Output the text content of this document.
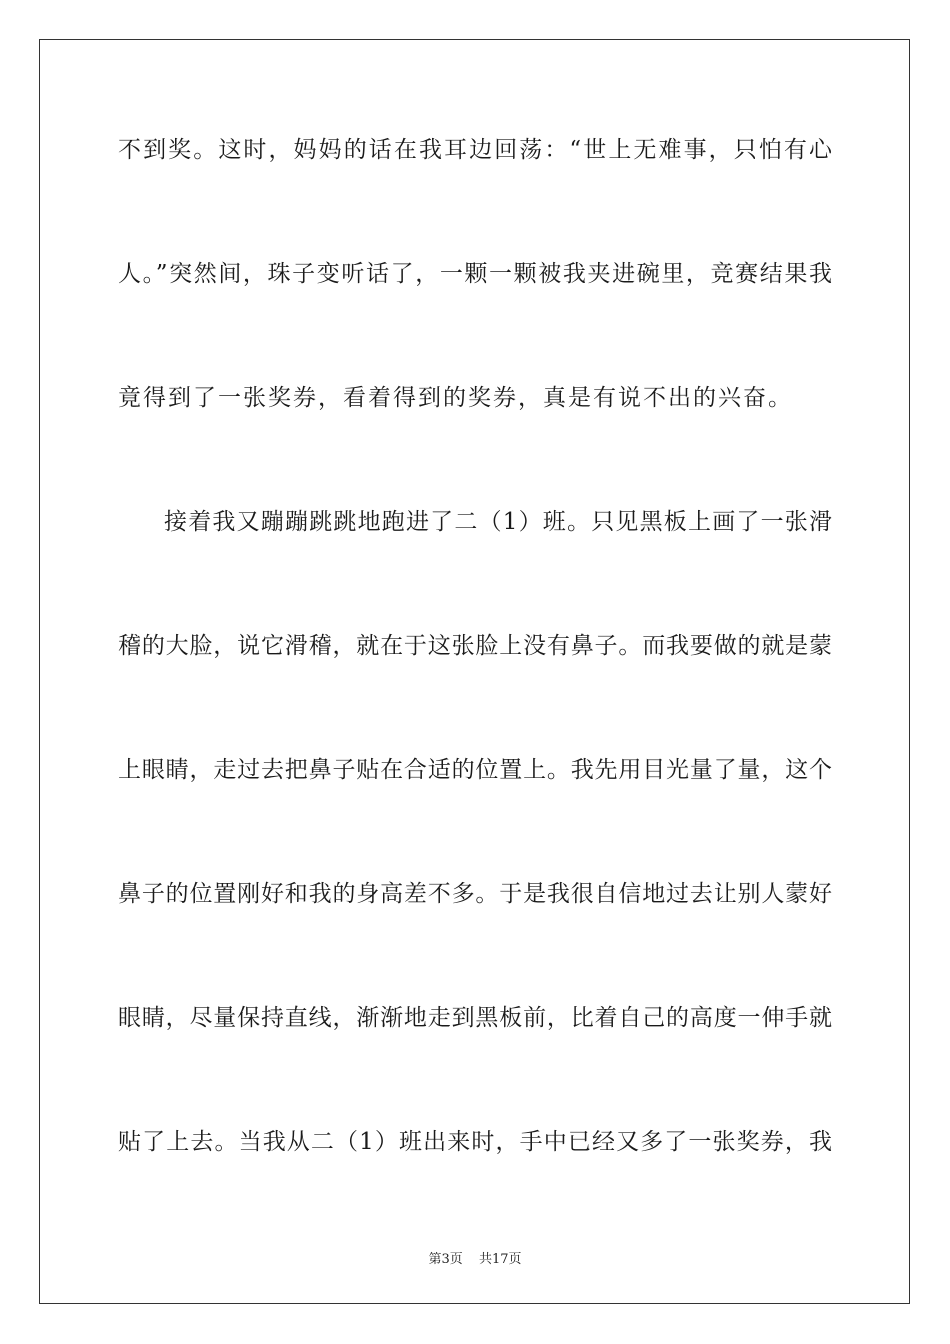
不到奖。这时，妈妈的话在我耳边回荡：“世上无难事，只怕有心
人。”突然间，珠子变听话了，一颗一颗被我夹进碗里，竞赛结果我
竟得到了一张奖券，看着得到的奖券，真是有说不出的兴奋。
接着我又蹦蹦跳跳地跑进了二（1）班。只见黑板上画了一张滑
稽的大脸，说它滑稽，就在于这张脸上没有鼻子。而我要做的就是蒙
上眼睛，走过去把鼻子贴在合适的位置上。我先用目光量了量，这个
鼻子的位置刚好和我的身高差不多。于是我很自信地过去让别人蒙好
眼睛，尽量保持直线，渐渐地走到黑板前，比着自己的高度一伸手就
贴了上去。当我从二（1）班出来时，手中已经又多了一张奖券，我
第3页 共17页
